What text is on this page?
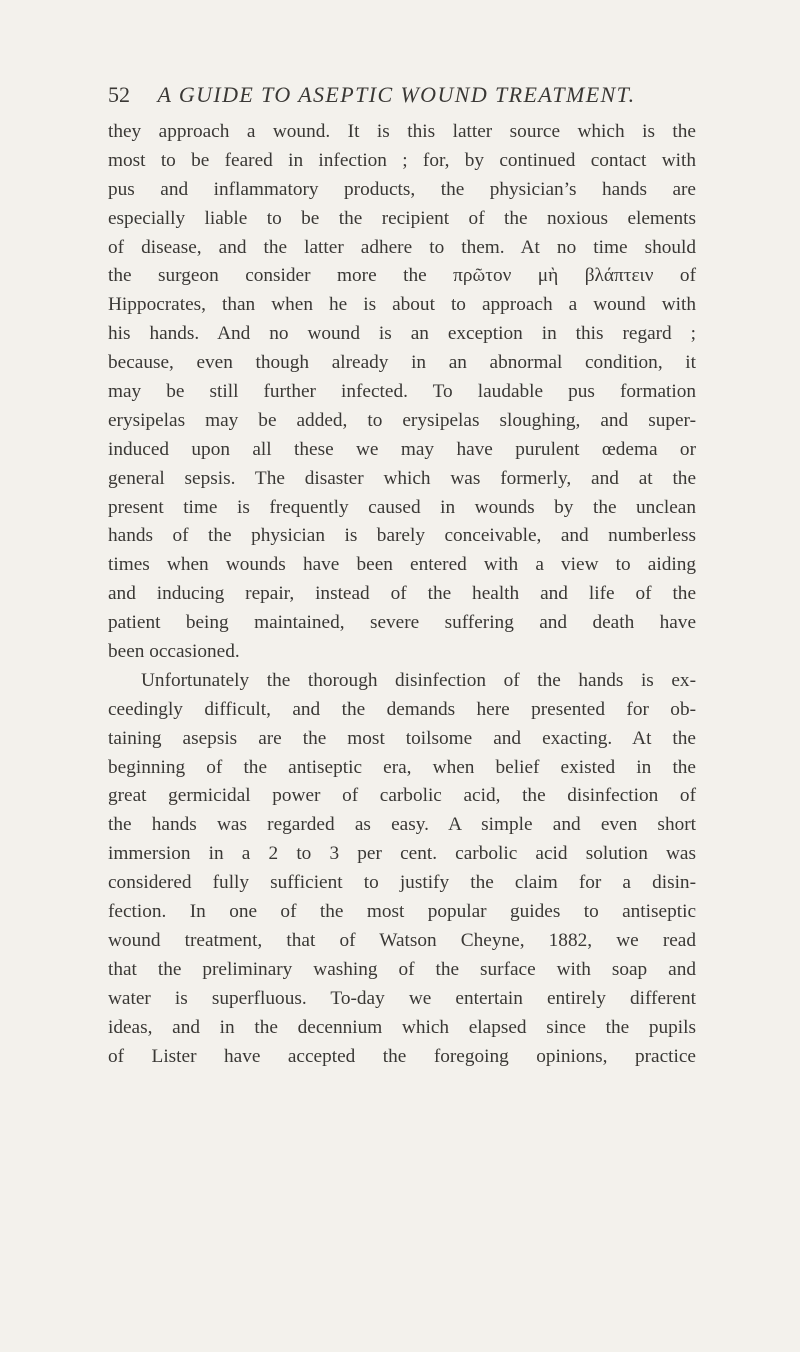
52 A GUIDE TO ASEPTIC WOUND TREATMENT.
they approach a wound. It is this latter source which is the
most to be feared in infection ; for, by continued contact with
pus and inflammatory products, the physician’s hands are
especially liable to be the recipient of the noxious elements
of disease, and the latter adhere to them. At no time should
the surgeon consider more the πρῶτον μὴ βλάπτειν of
Hippocrates, than when he is about to approach a wound with
his hands. And no wound is an exception in this regard ;
because, even though already in an abnormal condition, it
may be still further infected. To laudable pus formation
erysipelas may be added, to erysipelas sloughing, and super-
induced upon all these we may have purulent œdema or
general sepsis. The disaster which was formerly, and at the
present time is frequently caused in wounds by the unclean
hands of the physician is barely conceivable, and numberless
times when wounds have been entered with a view to aiding
and inducing repair, instead of the health and life of the
patient being maintained, severe suffering and death have
been occasioned.
Unfortunately the thorough disinfection of the hands is ex-
ceedingly difficult, and the demands here presented for ob-
taining asepsis are the most toilsome and exacting. At the
beginning of the antiseptic era, when belief existed in the
great germicidal power of carbolic acid, the disinfection of
the hands was regarded as easy. A simple and even short
immersion in a 2 to 3 per cent. carbolic acid solution was
considered fully sufficient to justify the claim for a disin-
fection. In one of the most popular guides to antiseptic
wound treatment, that of Watson Cheyne, 1882, we read
that the preliminary washing of the surface with soap and
water is superfluous. To-day we entertain entirely different
ideas, and in the decennium which elapsed since the pupils
of Lister have accepted the foregoing opinions, practice
